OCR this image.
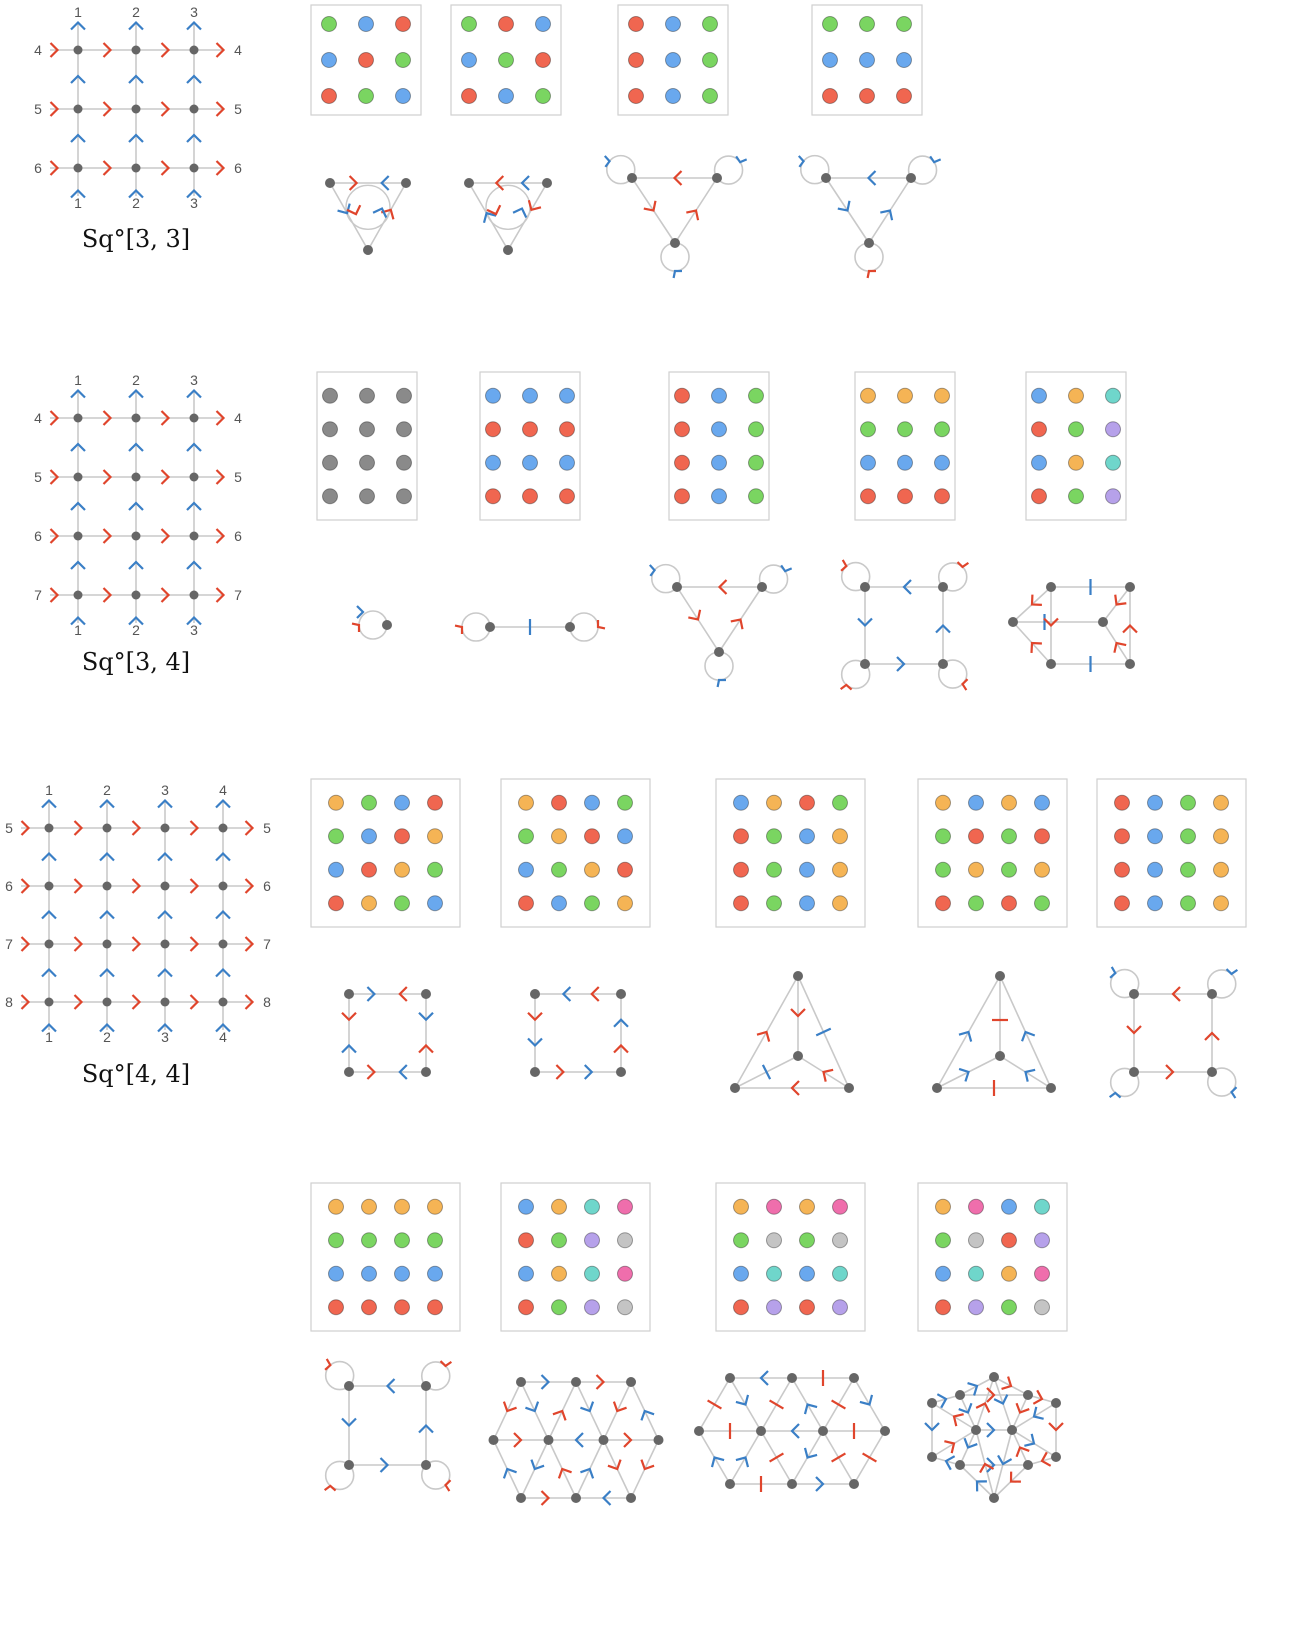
1	2	3
1	2	3
4	4
5	5
6	6
Sq°[3, 3]
1	2	3
1	2	3
4	4
5	5
6	6
7	7
Sq°[3, 4]
1	2	3	4
1	2	3	4
5	5
6	6
7	7
8	8
Sq°[4, 4]
